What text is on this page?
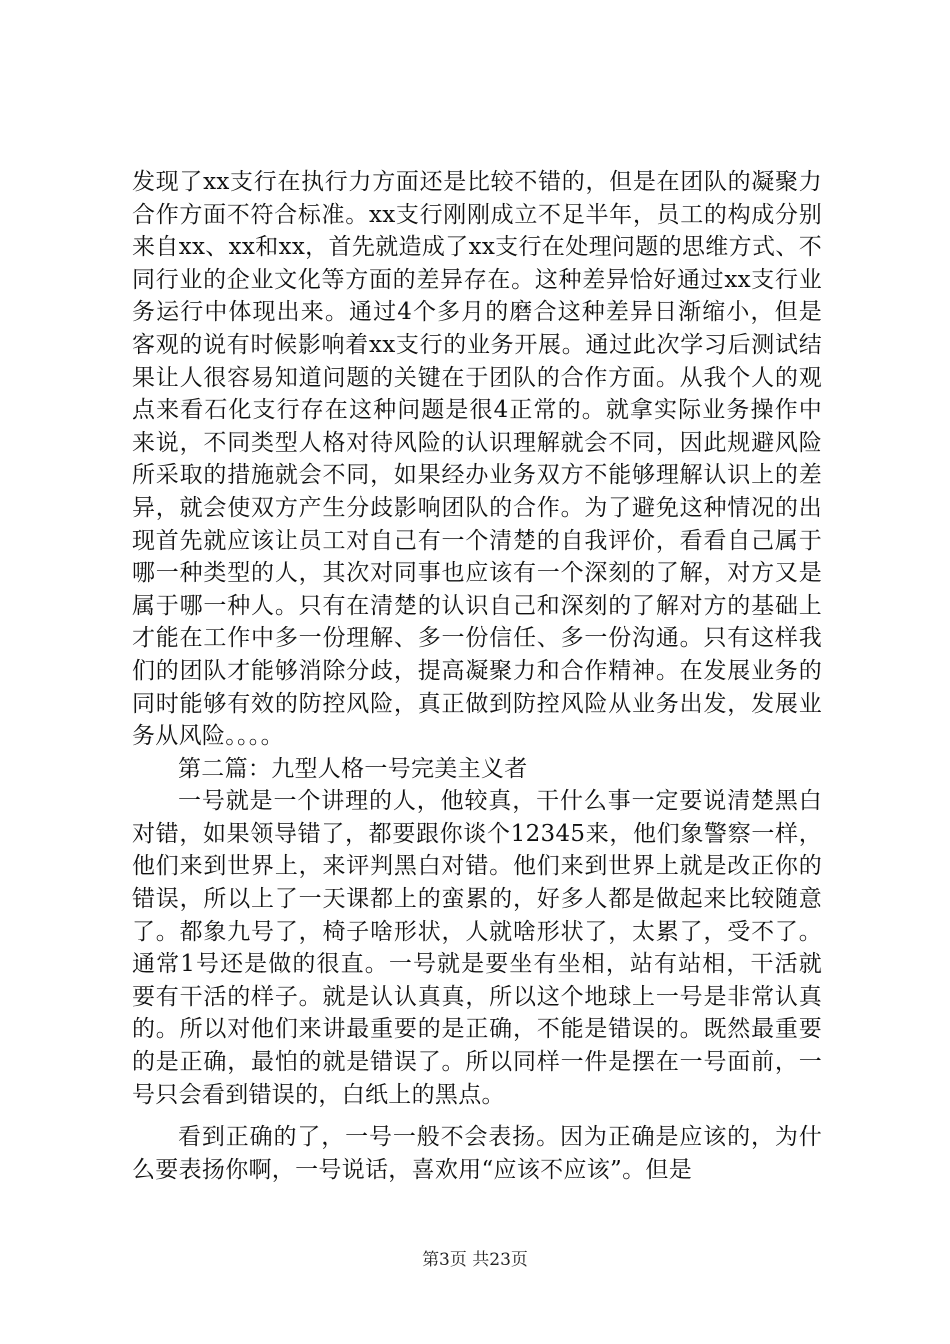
发现了xx支行在执行力方面还是比较不错的，但是在团队的凝聚力合作方面不符合标准。xx支行刚刚成立不足半年，员工的构成分别来自xx、xx和xx，首先就造成了xx支行在处理问题的思维方式、不同行业的企业文化等方面的差异存在。这种差异恰好通过xx支行业务运行中体现出来。通过4个多月的磨合这种差异日渐缩小，但是客观的说有时候影响着xx支行的业务开展。通过此次学习后测试结果让人很容易知道问题的关键在于团队的合作方面。从我个人的观点来看石化支行存在这种问题是很4正常的。就拿实际业务操作中来说，不同类型人格对待风险的认识理解就会不同，因此规避风险所采取的措施就会不同，如果经办业务双方不能够理解认识上的差异，就会使双方产生分歧影响团队的合作。为了避免这种情况的出现首先就应该让员工对自己有一个清楚的自我评价，看看自己属于哪一种类型的人，其次对同事也应该有一个深刻的了解，对方又是属于哪一种人。只有在清楚的认识自己和深刻的了解对方的基础上才能在工作中多一份理解、多一份信任、多一份沟通。只有这样我们的团队才能够消除分歧，提高凝聚力和合作精神。在发展业务的同时能够有效的防控风险，真正做到防控风险从业务出发，发展业务从风险。。。。

第二篇：九型人格一号完美主义者

一号就是一个讲理的人，他较真，干什么事一定要说清楚黑白对错，如果领导错了，都要跟你谈个12345来，他们象警察一样，他们来到世界上，来评判黑白对错。他们来到世界上就是改正你的错误，所以上了一天课都上的蛮累的，好多人都是做起来比较随意了。都象九号了，椅子啥形状，人就啥形状了，太累了，受不了。通常1号还是做的很直。一号就是要坐有坐相，站有站相，干活就要有干活的样子。就是认认真真，所以这个地球上一号是非常认真的。所以对他们来讲最重要的是正确，不能是错误的。既然最重要的是正确，最怕的就是错误了。所以同样一件是摆在一号面前，一号只会看到错误的，白纸上的黑点。

看到正确的了，一号一般不会表扬。因为正确是应该的，为什么要表扬你啊，一号说话，喜欢用“应该不应该”。但是

第3页 共23页
